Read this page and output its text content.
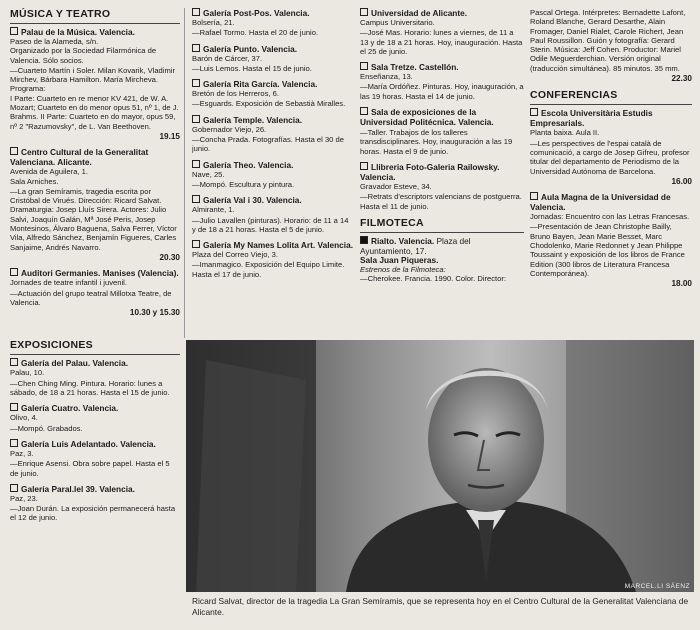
MÚSICA Y TEATRO
Palau de la Música. Valencia.
Paseo de la Alameda, s/n.
Organizado por la Sociedad Filarmónica de Valencia. Sólo socios.
—Cuarteto Martín i Soler. Milan Kovarik, Vladimir Mirchev, Bárbara Hamilton. María Mircheva.
Programa:
I Parte: Cuarteto en re menor KV 421, de W. A. Mozart; Cuarteto en do menor opus 51, nº 1, de J. Brahms. II Parte: Cuarteto en do mayor, opus 59, nº 2 "Razumovsky", de L. Van Beethoven.
19.15
Centro Cultural de la Generalitat Valenciana. Alicante.
Avenida de Aguilera, 1.
Sala Arniches.
—La gran Semíramis, tragedia escrita por Cristóbal de Virués. Dirección: Ricard Salvat. Dramaturgia: Josep Lluís Sirera. Actores: Julio Salvi, Joaquín Galán, Mª José Peris, Josep Montesinos, Álvaro Baguena, Salva Ferrer, Víctor Vila, Alfredo Sánchez, Benjamín Figueres, Carles Sanjaime, Andrés Navarro.
20.30
Auditori Germanies. Manises (Valencia).
Jornades de teatre infantil i juvenil.
—Actuación del grupo teatral Millotxa Teatre, de Valencia.
10.30 y 15.30
EXPOSICIONES
Galería del Palau. Valencia.
Palau, 10.
—Chen Ching Ming. Pintura. Horario: lunes a sábado, de 18 a 21 horas. Hasta el 15 de junio.
Galería Cuatro. Valencia.
Olivo, 4.
—Mompó. Grabados.
Galería Luis Adelantado. Valencia.
Paz, 3.
—Enrique Asensi. Obra sobre papel. Hasta el 5 de junio.
Galería Paral.lel 39. Valencia.
Paz, 23.
—Joan Durán. La exposición permanecerá hasta el 12 de junio.
Galería Post-Pos. Valencia.
Bolsería, 21.
—Rafael Tormo. Hasta el 20 de junio.
Galería Punto. Valencia.
Barón de Cárcer, 37.
—Luis Lemos. Hasta el 15 de junio.
Galería Rita García. Valencia.
Bretón de los Herreros, 6.
—Esguards. Exposición de Sebastià Miralles.
Galería Temple. Valencia.
Gobernador Viejo, 26.
—Concha Prada. Fotografías. Hasta el 30 de junio.
Galería Theo. Valencia.
Nave, 25.
—Mompó. Escultura y pintura.
Galería Val i 30. Valencia.
Almirante, 1.
—Julio Lavallen (pinturas). Horario: de 11 a 14 y de 18 a 21 horas. Hasta el 5 de junio.
Galería My Names Lolita Art. Valencia.
Plaza del Correo Viejo, 3.
—Imanmagico. Exposición del Equipo Limite. Hasta el 17 de junio.
Universidad de Alicante.
Campus Universitario.
—José Mas. Horario: lunes a viernes, de 11 a 13 y de 18 a 21 horas. Hoy, inauguración. Hasta el 25 de junio.
Sala Tretze. Castellón.
Enseñanza, 13.
—María Ordóñez. Pinturas. Hoy, inauguración, a las 19 horas. Hasta el 14 de junio.
Sala de exposiciones de la Universidad Politécnica. Valencia.
—Taller. Trabajos de los talleres transdisciplinares. Hoy, inauguración a las 19 horas. Hasta el 9 de junio.
Llibreria Foto-Galeria Railowsky. Valencia.
Gravador Esteve, 34.
—Retrats d'escriptors valencians de postguerra. Hasta el 11 de junio.
FILMOTECA
Rialto. Valencia. Plaza del Ayuntamiento, 17.
Sala Juan Piqueras.
Estrenos de la Filmoteca:
—Cherokee. Francia. 1990. Color. Director:
Pascal Ortega. Intérpretes: Bernadette Lafont, Roland Blanche, Gerard Desarthe, Alain Fromager, Daniel Rialet, Carole Richert, Jean Paul Roussillon. Guión y fotografía: Gerard Sterin. Música: Jeff Cohen. Productor: Mariel Odile Meguerderchian. Versión original (traducción simultánea). 85 minutos. 35 mm.
22.30
CONFERENCIAS
Escola Universitària Estudis Empresarials.
Planta baixa. Aula II.
—Les perspectives de l'espai català de comunicació, a cargo de Josep Gifreu, profesor titular del departamento de Periodismo de la Universidad Autónoma de Barcelona.
16.00
Aula Magna de la Universidad de Valencia.
Jornadas: Encuentro con las Letras Francesas.
—Presentación de Jean Christophe Bailly, Bruno Bayen, Jean Marie Besset, Marc Chodolenko, Marie Redonnet y Jean Philippe Toussaint y exposición de los libros de France Edition (300 libros de Literatura Francesa Contemporánea).
18.00
MARCEL.LI SÁENZ
Ricard Salvat, director de la tragedia La Gran Semíramis, que se representa hoy en el Centro Cultural de la Generalitat Valenciana de Alicante.
